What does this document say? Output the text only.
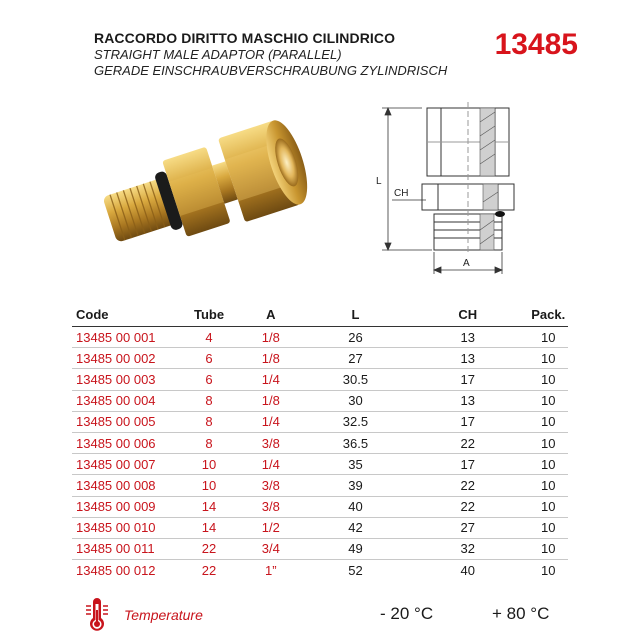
RACCORDO DIRITTO MASCHIO CILINDRICO
STRAIGHT MALE ADAPTOR (PARALLEL)
GERADE EINSCHRAUBVERSCHRAUBUNG ZYLINDRISCH
13485
L
CH
A
Code	Tube	A	L	CH	Pack.
13485 00 001	4	1/8	26	13	10
13485 00 002	6	1/8	27	13	10
13485 00 003	6	1/4	30.5	17	10
13485 00 004	8	1/8	30	13	10
13485 00 005	8	1/4	32.5	17	10
13485 00 006	8	3/8	36.5	22	10
13485 00 007	10	1/4	35	17	10
13485 00 008	10	3/8	39	22	10
13485 00 009	14	3/8	40	22	10
13485 00 010	14	1/2	42	27	10
13485 00 011	22	3/4	49	32	10
13485 00 012	22	1”	52	40	10
Temperature	- 20 °C	+ 80 °C
